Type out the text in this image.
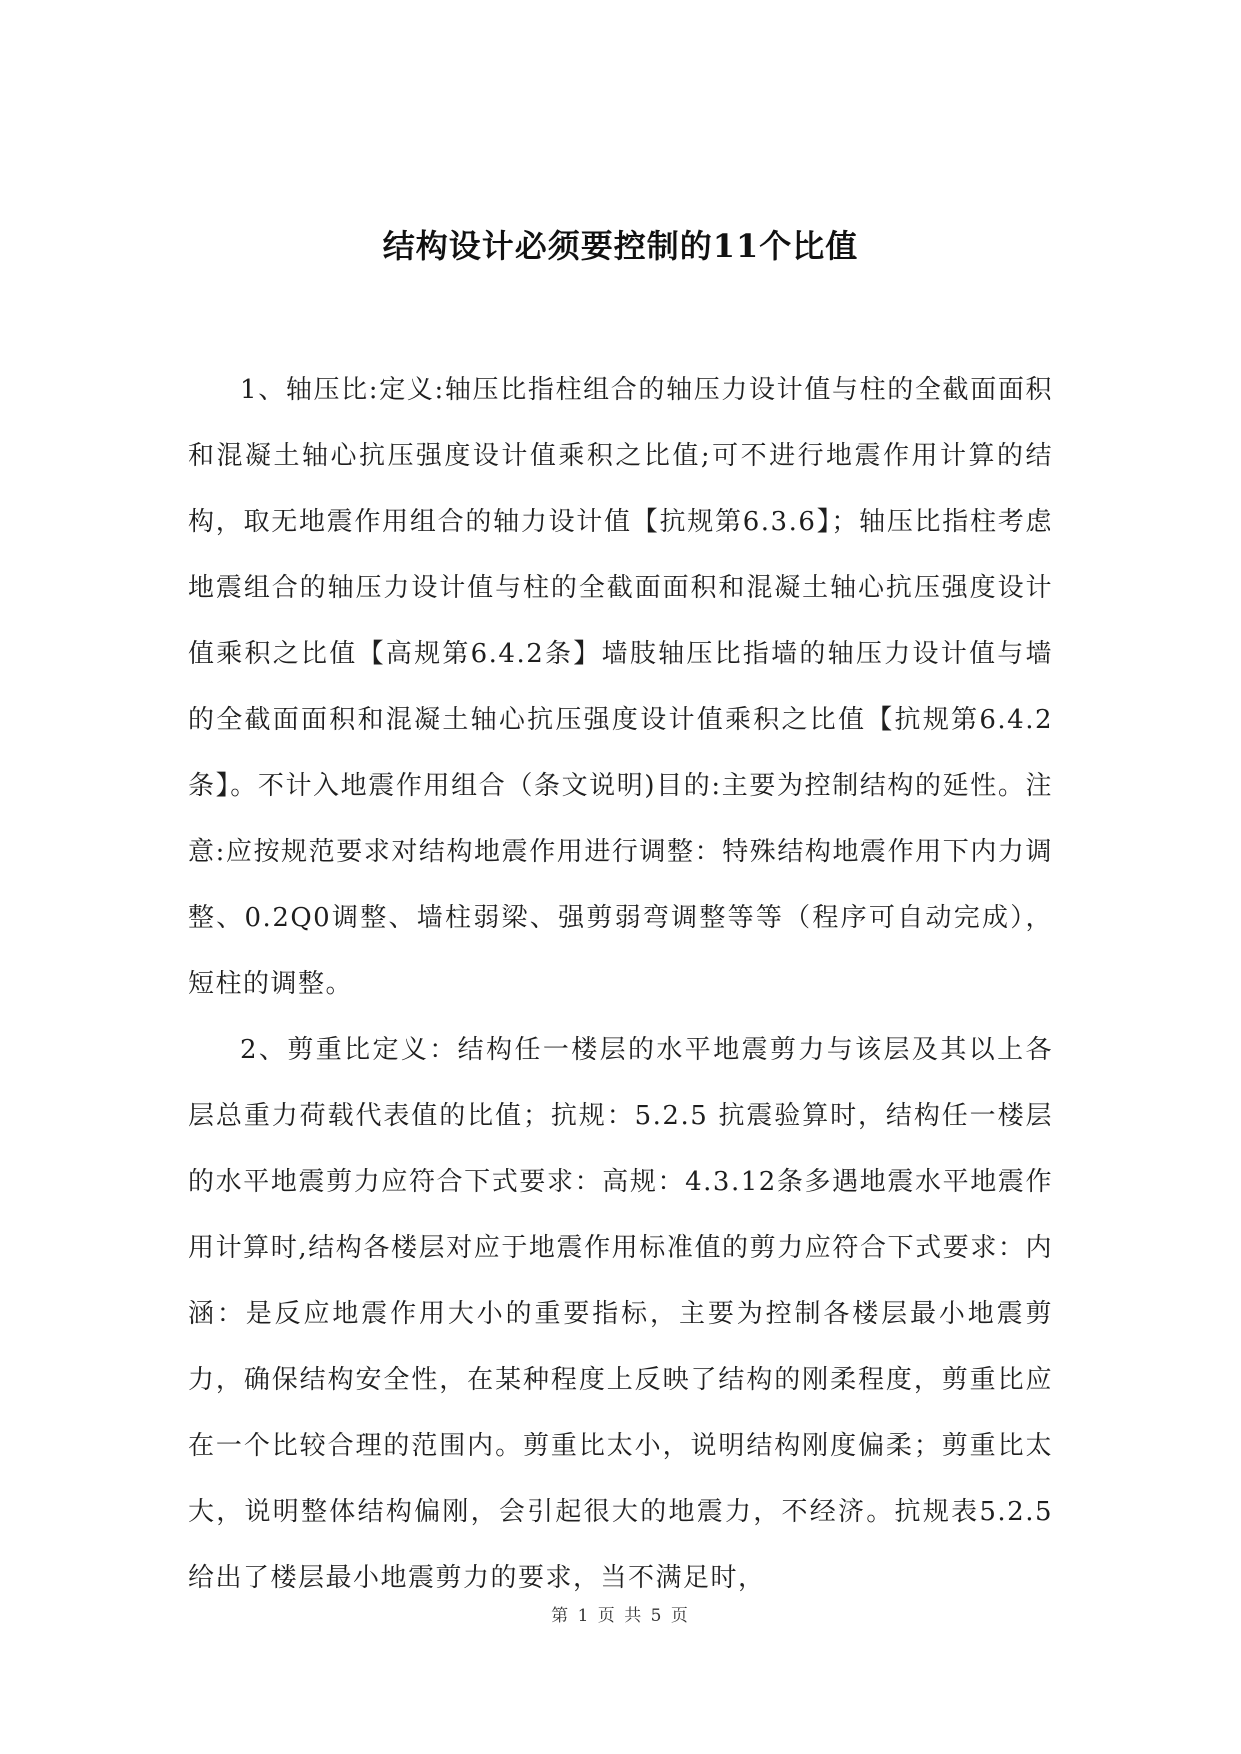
结构设计必须要控制的11个比值

1、轴压比:定义:轴压比指柱组合的轴压力设计值与柱的全截面面积和混凝土轴心抗压强度设计值乘积之比值;可不进行地震作用计算的结构，取无地震作用组合的轴力设计值【抗规第6.3.6】；轴压比指柱考虑地震组合的轴压力设计值与柱的全截面面积和混凝土轴心抗压强度设计值乘积之比值【高规第6.4.2条】墙肢轴压比指墙的轴压力设计值与墙的全截面面积和混凝土轴心抗压强度设计值乘积之比值【抗规第6.4.2条】。不计入地震作用组合（条文说明)目的:主要为控制结构的延性。注意:应按规范要求对结构地震作用进行调整：特殊结构地震作用下内力调整、0.2Q0调整、墙柱弱梁、强剪弱弯调整等等（程序可自动完成），短柱的调整。

2、剪重比定义：结构任一楼层的水平地震剪力与该层及其以上各层总重力荷载代表值的比值；抗规：5.2.5 抗震验算时，结构任一楼层的水平地震剪力应符合下式要求：高规：4.3.12条多遇地震水平地震作用计算时,结构各楼层对应于地震作用标准值的剪力应符合下式要求：内涵：是反应地震作用大小的重要指标，主要为控制各楼层最小地震剪力，确保结构安全性，在某种程度上反映了结构的刚柔程度，剪重比应在一个比较合理的范围内。剪重比太小，说明结构刚度偏柔；剪重比太大，说明整体结构偏刚，会引起很大的地震力，不经济。抗规表5.2.5给出了楼层最小地震剪力的要求，当不满足时，

第 1 页 共 5 页
